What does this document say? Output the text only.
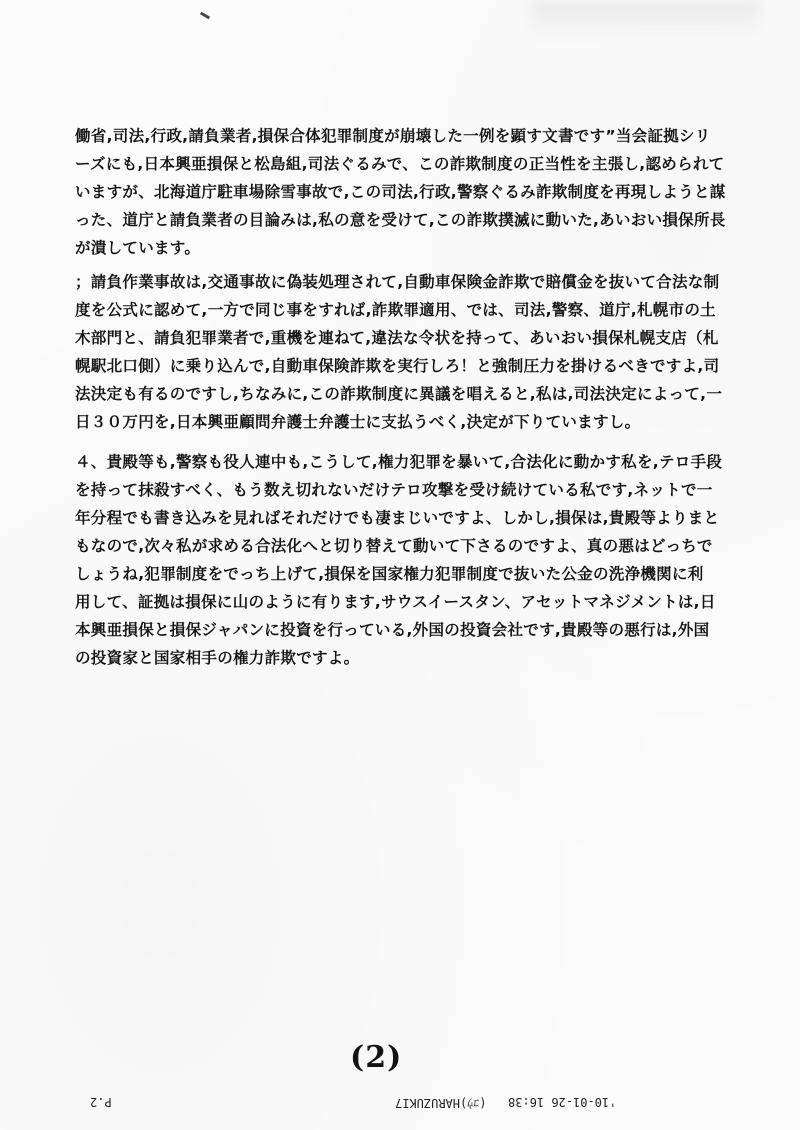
働省,司法,行政,請負業者,損保合体犯罪制度が崩壊した一例を顕す文書です”当会証拠シリ
ーズにも,日本興亜損保と松島組,司法ぐるみで、この詐欺制度の正当性を主張し,認められて
いますが、北海道庁駐車場除雪事故で,この司法,行政,警察ぐるみ詐欺制度を再現しようと謀
った、道庁と請負業者の目論みは,私の意を受けて,この詐欺撲滅に動いた,あいおい損保所長
が潰しています。
；請負作業事故は,交通事故に偽装処理されて,自動車保険金詐欺で賠償金を抜いて合法な制
度を公式に認めて,一方で同じ事をすれば,詐欺罪適用、では、司法,警察、道庁,札幌市の土
木部門と、請負犯罪業者で,重機を連ねて,違法な令状を持って、あいおい損保札幌支店（札
幌駅北口側）に乗り込んで,自動車保険詐欺を実行しろ！と強制圧力を掛けるべきですよ,司
法決定も有るのですし,ちなみに,この詐欺制度に異議を唱えると,私は,司法決定によって,一
日３０万円を,日本興亜顧問弁護士弁護士に支払うべく,決定が下りていますし。
４、貴殿等も,警察も役人連中も,こうして,権力犯罪を暴いて,合法化に動かす私を,テロ手段
を持って抹殺すべく、もう数え切れないだけテロ攻撃を受け続けている私です,ネットで一
年分程でも書き込みを見ればそれだけでも凄まじいですよ、しかし,損保は,貴殿等よりまと
もなので,次々私が求める合法化へと切り替えて動いて下さるのですよ、真の悪はどっちで
しょうね,犯罪制度をでっち上げて,損保を国家権力犯罪制度で抜いた公金の洗浄機関に利
用して、証拠は損保に山のように有ります,サウスイースタン、アセットマネジメントは,日
本興亜損保と損保ジャパンに投資を行っている,外国の投資会社です,貴殿等の悪行は,外国
の投資家と国家相手の権力詐欺ですよ。
(2)
P.2	(ｺｳ)HARUZUKI7 '10-01-26 16:38
